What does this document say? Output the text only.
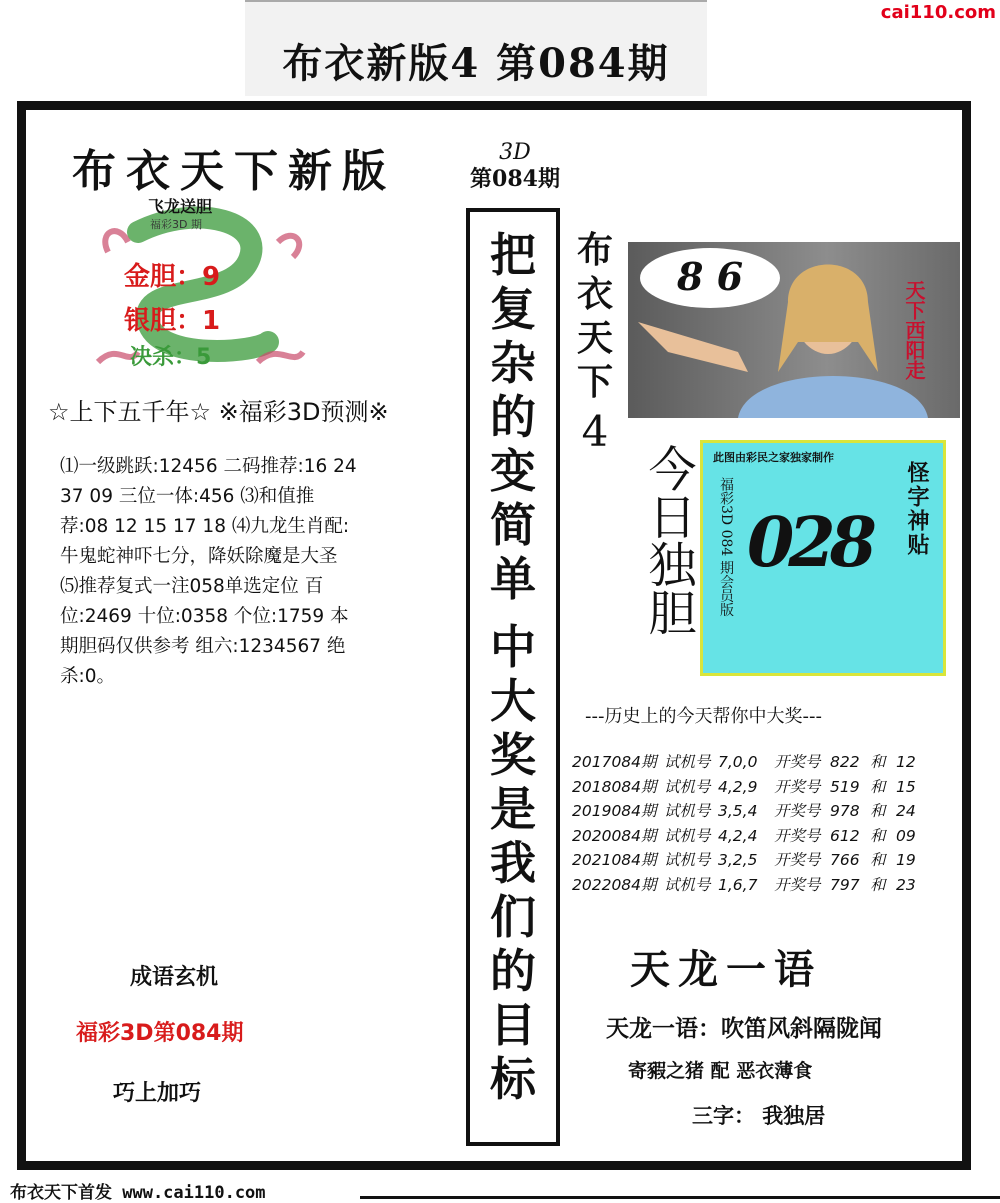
布衣新版4 第084期
cai110.com
布衣天下新版
飞龙送胆
福彩3D 期
金胆：9
银胆：1
决杀：5
☆上下五千年☆ ※福彩3D预测※
⑴一级跳跃:12456 二码推荐:16 24 37 09 三位一体:456 ⑶和值推荐:08 12 15 17 18 ⑷九龙生肖配:牛鬼蛇神吓七分，降妖除魔是大圣 ⑸推荐复式一注058单选定位 百位:2469 十位:0358 个位:1759 本期胆码仅供参考 组六:1234567 绝杀:0。
成语玄机
福彩3D第084期
巧上加巧
3D
第084期
把
复
杂
的
变
简
单
中
大
奖
是
我
们
的
目
标
布
衣
天
下
4
8 6
天下西阳走
今日独胆 此图由彩民之家独家制作
福彩3D 084 期会员版	怪字神贴
028
---历史上的今天帮你中大奖---
2017084期 试机号 7,0,0 开奖号 822 和 12
2018084期 试机号 4,2,9 开奖号 519 和 15
2019084期 试机号 3,5,4 开奖号 978 和 24
2020084期 试机号 4,2,4 开奖号 612 和 09
2021084期 试机号 3,2,5 开奖号 766 和 19
2022084期 试机号 1,6,7 开奖号 797 和 23
天龙一语
天龙一语：吹笛风斜隔陇闻
寄豭之猪 配 恶衣薄食
三字： 我独居
布衣天下首发 www.cai110.com
